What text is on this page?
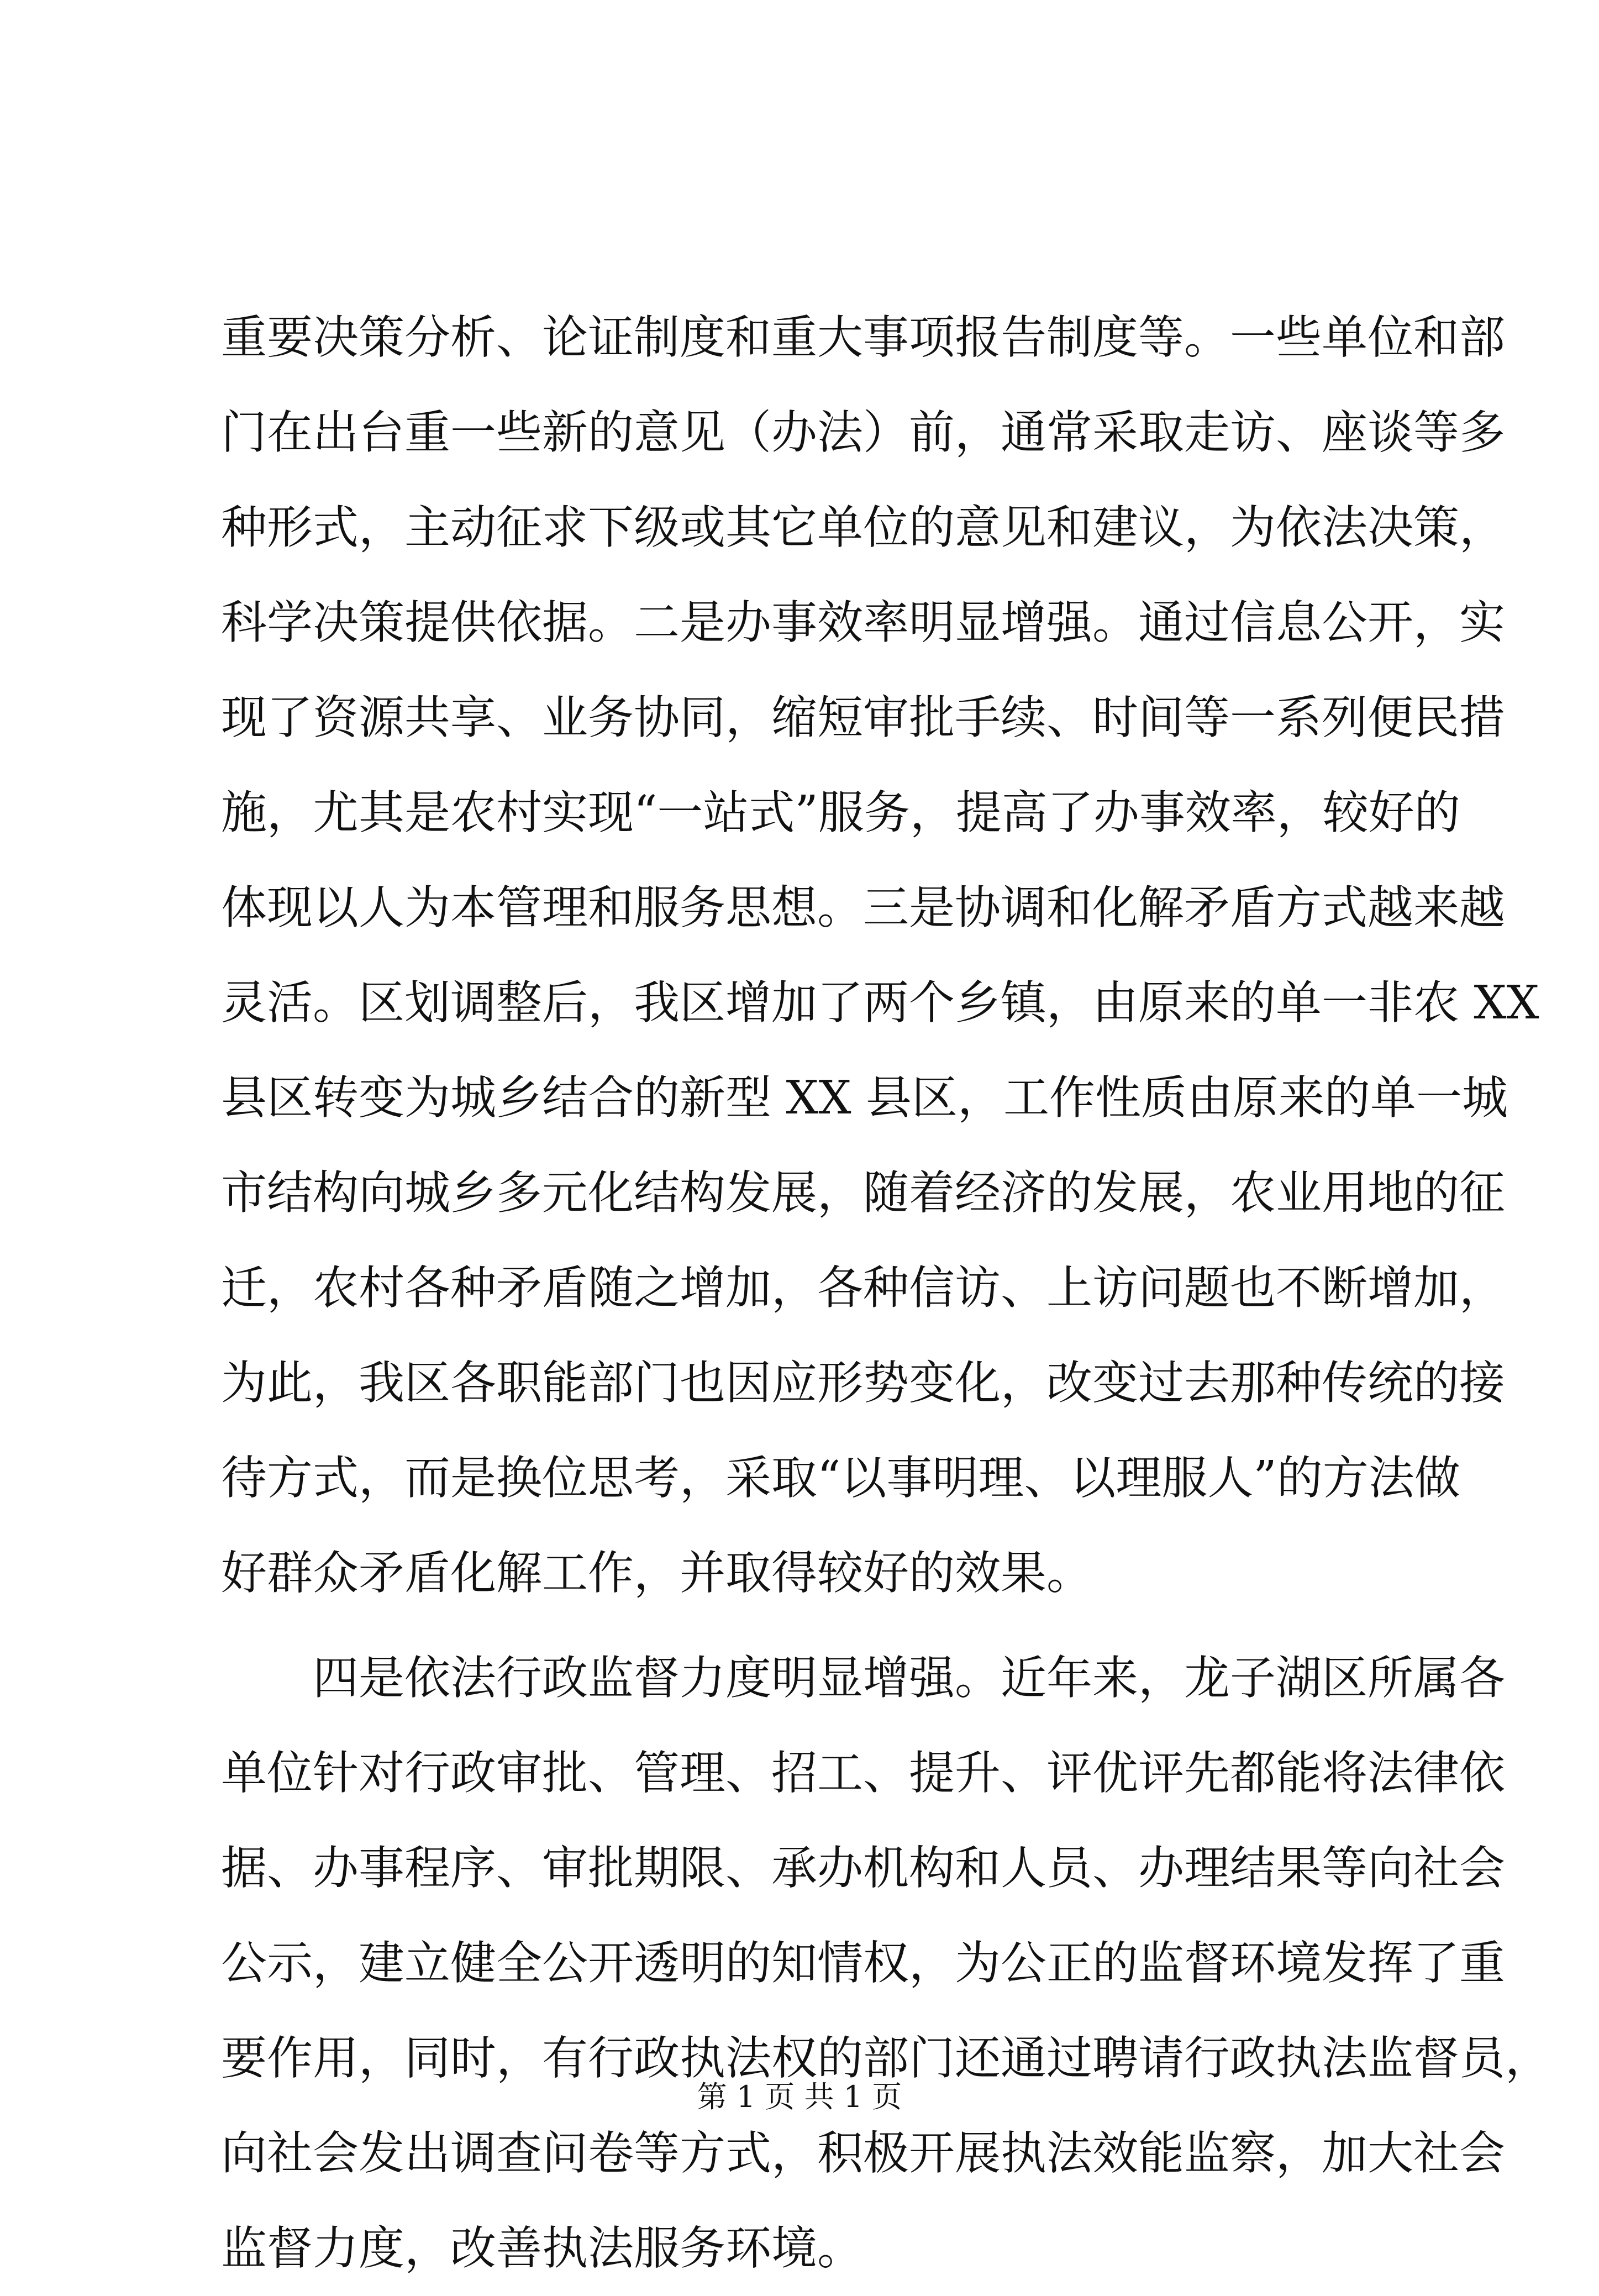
重要决策分析、论证制度和重大事项报告制度等。一些单位和部
门在出台重一些新的意见（办法）前，通常采取走访、座谈等多
种形式，主动征求下级或其它单位的意见和建议，为依法决策，
科学决策提供依据。二是办事效率明显增强。通过信息公开，实
现了资源共享、业务协同，缩短审批手续、时间等一系列便民措
施，尤其是农村实现“一站式”服务，提高了办事效率，较好的
体现以人为本管理和服务思想。三是协调和化解矛盾方式越来越
灵活。区划调整后，我区增加了两个乡镇，由原来的单一非农 XX
县区转变为城乡结合的新型 XX 县区，工作性质由原来的单一城
市结构向城乡多元化结构发展，随着经济的发展，农业用地的征
迁，农村各种矛盾随之增加，各种信访、上访问题也不断增加，
为此，我区各职能部门也因应形势变化，改变过去那种传统的接
待方式，而是换位思考，采取“以事明理、以理服人”的方法做
好群众矛盾化解工作，并取得较好的效果。
　　四是依法行政监督力度明显增强。近年来，龙子湖区所属各
单位针对行政审批、管理、招工、提升、评优评先都能将法律依
据、办事程序、审批期限、承办机构和人员、办理结果等向社会
公示，建立健全公开透明的知情权，为公正的监督环境发挥了重
要作用，同时，有行政执法权的部门还通过聘请行政执法监督员，
向社会发出调查问卷等方式，积极开展执法效能监察，加大社会
监督力度，改善执法服务环境。
第 1 页 共 1 页
